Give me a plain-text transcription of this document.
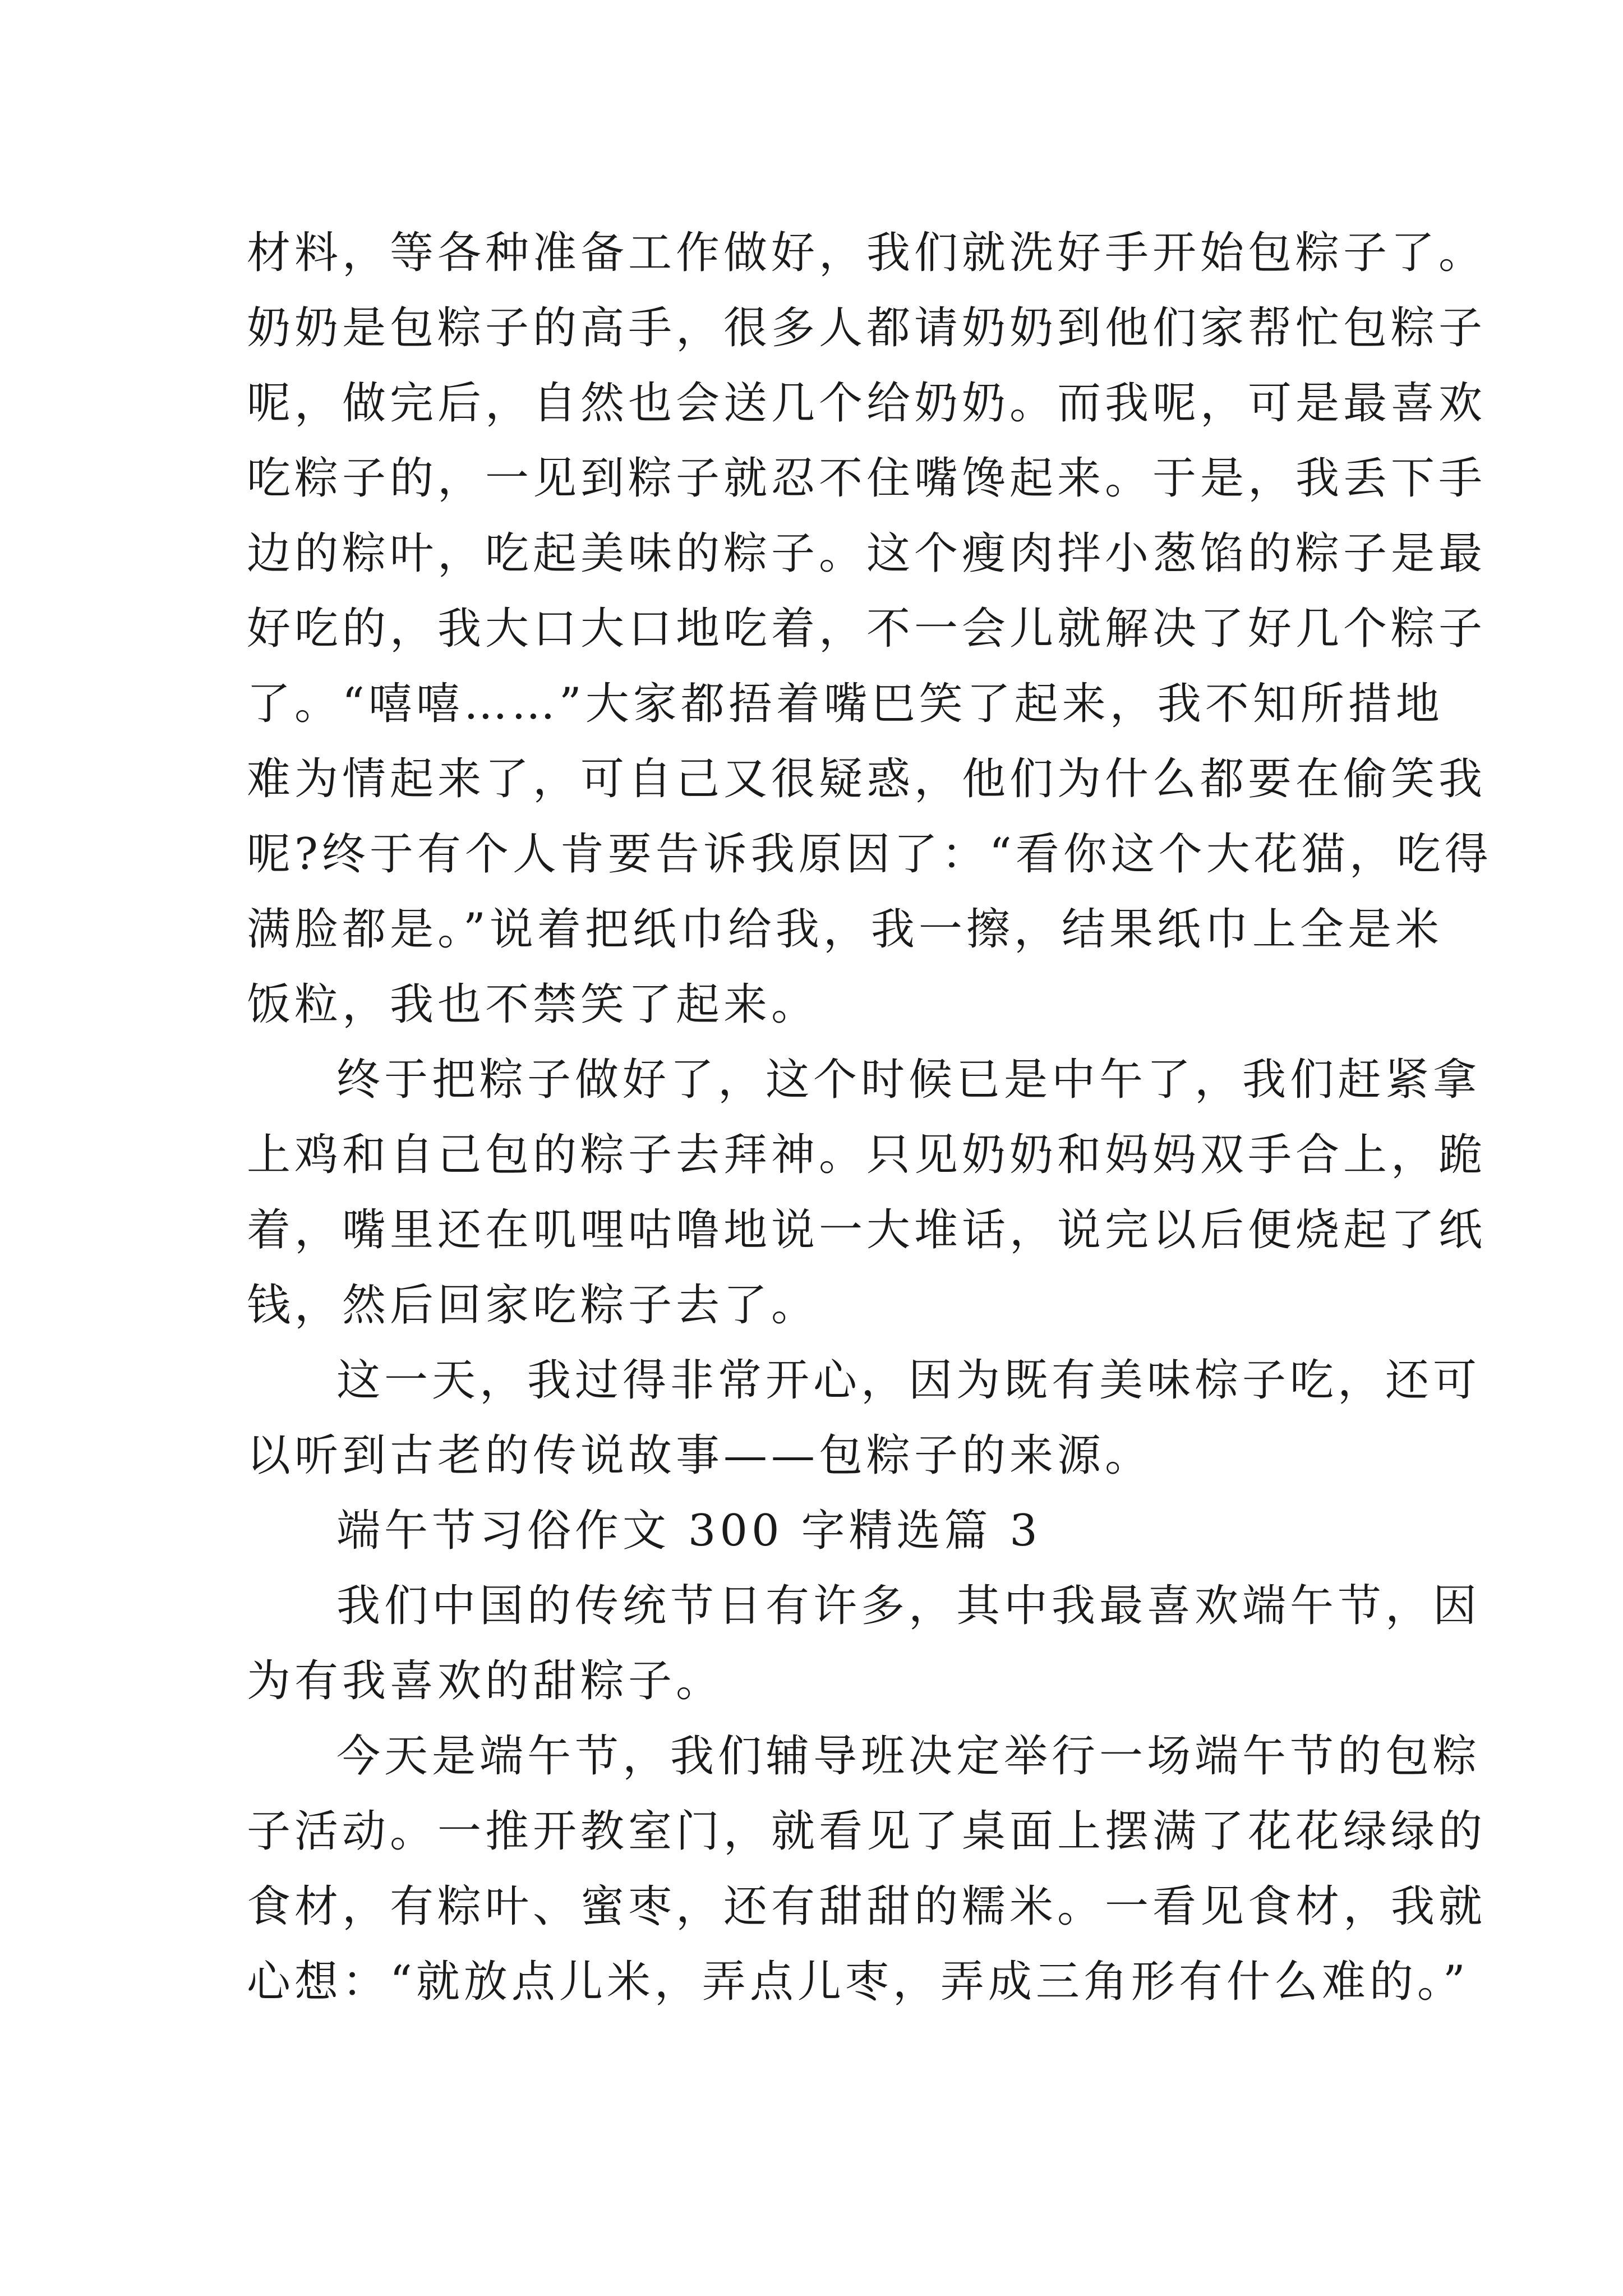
材料，等各种准备工作做好，我们就洗好手开始包粽子了。
奶奶是包粽子的高手，很多人都请奶奶到他们家帮忙包粽子
呢，做完后，自然也会送几个给奶奶。而我呢，可是最喜欢
吃粽子的，一见到粽子就忍不住嘴馋起来。于是，我丢下手
边的粽叶，吃起美味的粽子。这个瘦肉拌小葱馅的粽子是最
好吃的，我大口大口地吃着，不一会儿就解决了好几个粽子
了。“嘻嘻……”大家都捂着嘴巴笑了起来，我不知所措地
难为情起来了，可自己又很疑惑，他们为什么都要在偷笑我
呢?终于有个人肯要告诉我原因了：“看你这个大花猫，吃得
满脸都是。”说着把纸巾给我，我一擦，结果纸巾上全是米
饭粒，我也不禁笑了起来。
终于把粽子做好了，这个时候已是中午了，我们赶紧拿
上鸡和自己包的粽子去拜神。只见奶奶和妈妈双手合上，跪
着，嘴里还在叽哩咕噜地说一大堆话，说完以后便烧起了纸
钱，然后回家吃粽子去了。
这一天，我过得非常开心，因为既有美味棕子吃，还可
以听到古老的传说故事——包粽子的来源。
端午节习俗作文 300 字精选篇 3
我们中国的传统节日有许多，其中我最喜欢端午节，因
为有我喜欢的甜粽子。
今天是端午节，我们辅导班决定举行一场端午节的包粽
子活动。一推开教室门，就看见了桌面上摆满了花花绿绿的
食材，有粽叶、蜜枣，还有甜甜的糯米。一看见食材，我就
心想：“就放点儿米，弄点儿枣，弄成三角形有什么难的。”
